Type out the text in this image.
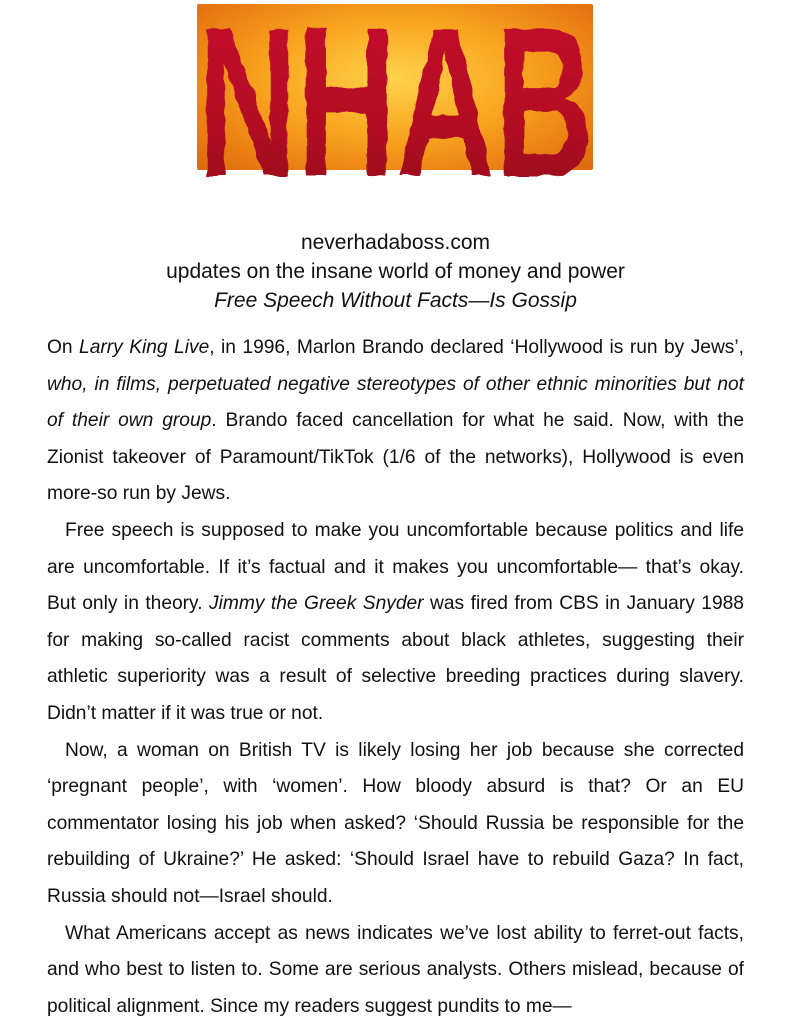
NHAB
neverhadaboss.com
updates on the insane world of money and power
Free Speech Without Facts—Is Gossip

On Larry King Live, in 1996, Marlon Brando declared ‘Hollywood is run by Jews’, who, in films, perpetuated negative stereotypes of other ethnic minorities but not of their own group. Brando faced cancellation for what he said. Now, with the Zionist takeover of Paramount/TikTok (1/6 of the networks), Hollywood is even more-so run by Jews.

Free speech is supposed to make you uncomfortable because politics and life are uncomfortable. If it’s factual and it makes you uncomfortable— that’s okay. But only in theory. Jimmy the Greek Snyder was fired from CBS in January 1988 for making so-called racist comments about black athletes, suggesting their athletic superiority was a result of selective breeding practices during slavery. Didn’t matter if it was true or not.

Now, a woman on British TV is likely losing her job because she corrected ‘pregnant people’, with ‘women’. How bloody absurd is that? Or an EU commentator losing his job when asked? ‘Should Russia be responsible for the rebuilding of Ukraine?’ He asked: ‘Should Israel have to rebuild Gaza? In fact, Russia should not—Israel should.

What Americans accept as news indicates we’ve lost ability to ferret-out facts, and who best to listen to. Some are serious analysts. Others mislead, because of political alignment. Since my readers suggest pundits to me—
